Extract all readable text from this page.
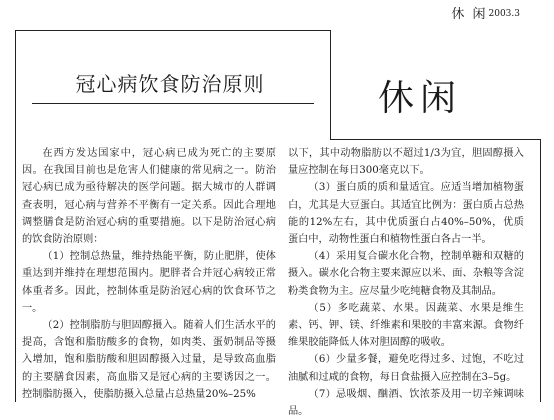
休 闲2003.3
冠心病饮食防治原则	休闲

在西方发达国家中，冠心病已成为死亡的主要原因。在我国目前也是危害人们健康的常见病之一。防治冠心病已成为亟待解决的医学问题。据大城市的人群调查表明，冠心病与营养不平衡有一定关系。因此合理地调整膳食是防治冠心病的重要措施。以下是防治冠心病的饮食防治原则：

（1）控制总热量，维持热能平衡，防止肥胖，使体重达到并维持在理想范围内。肥胖者合并冠心病较正常体重者多。因此，控制体重是防治冠心病的饮食环节之一。

（2）控制脂肪与胆固醇摄入。随着人们生活水平的提高，含饱和脂肪酸多的食物，如肉类、蛋奶制品等摄入增加，饱和脂肪酸和胆固醇摄入过量，是导致高血脂的主要膳食因素，高血脂又是冠心病的主要诱因之一。控制脂肪摄入，使脂肪摄入总量占总热量20%–25%

以下，其中动物脂肪以不超过1/3为宜，胆固醇摄入量应控制在每日300毫克以下。

（3）蛋白质的质和量适宜。应适当增加植物蛋白，尤其是大豆蛋白。其适宜比例为：蛋白质占总热能的12%左右，其中优质蛋白占40%–50%，优质蛋白中，动物性蛋白和植物性蛋白各占一半。

（4）采用复合碳水化合物，控制单糖和双糖的摄入。碳水化合物主要来源应以米、面、杂粮等含淀粉类食物为主。应尽量少吃纯糖食物及其制品。

（5）多吃蔬菜、水果。因蔬菜、水果是维生素、钙、钾、镁、纤维素和果胶的丰富来源。食物纤维果胶能降低人体对胆固醇的吸收。

（6）少量多餐，避免吃得过多、过饱，不吃过油腻和过咸的食物，每日食盐摄入应控制在3–5g。

（7）忌吸烟、酗酒、饮浓茶及用一切辛辣调味品。
